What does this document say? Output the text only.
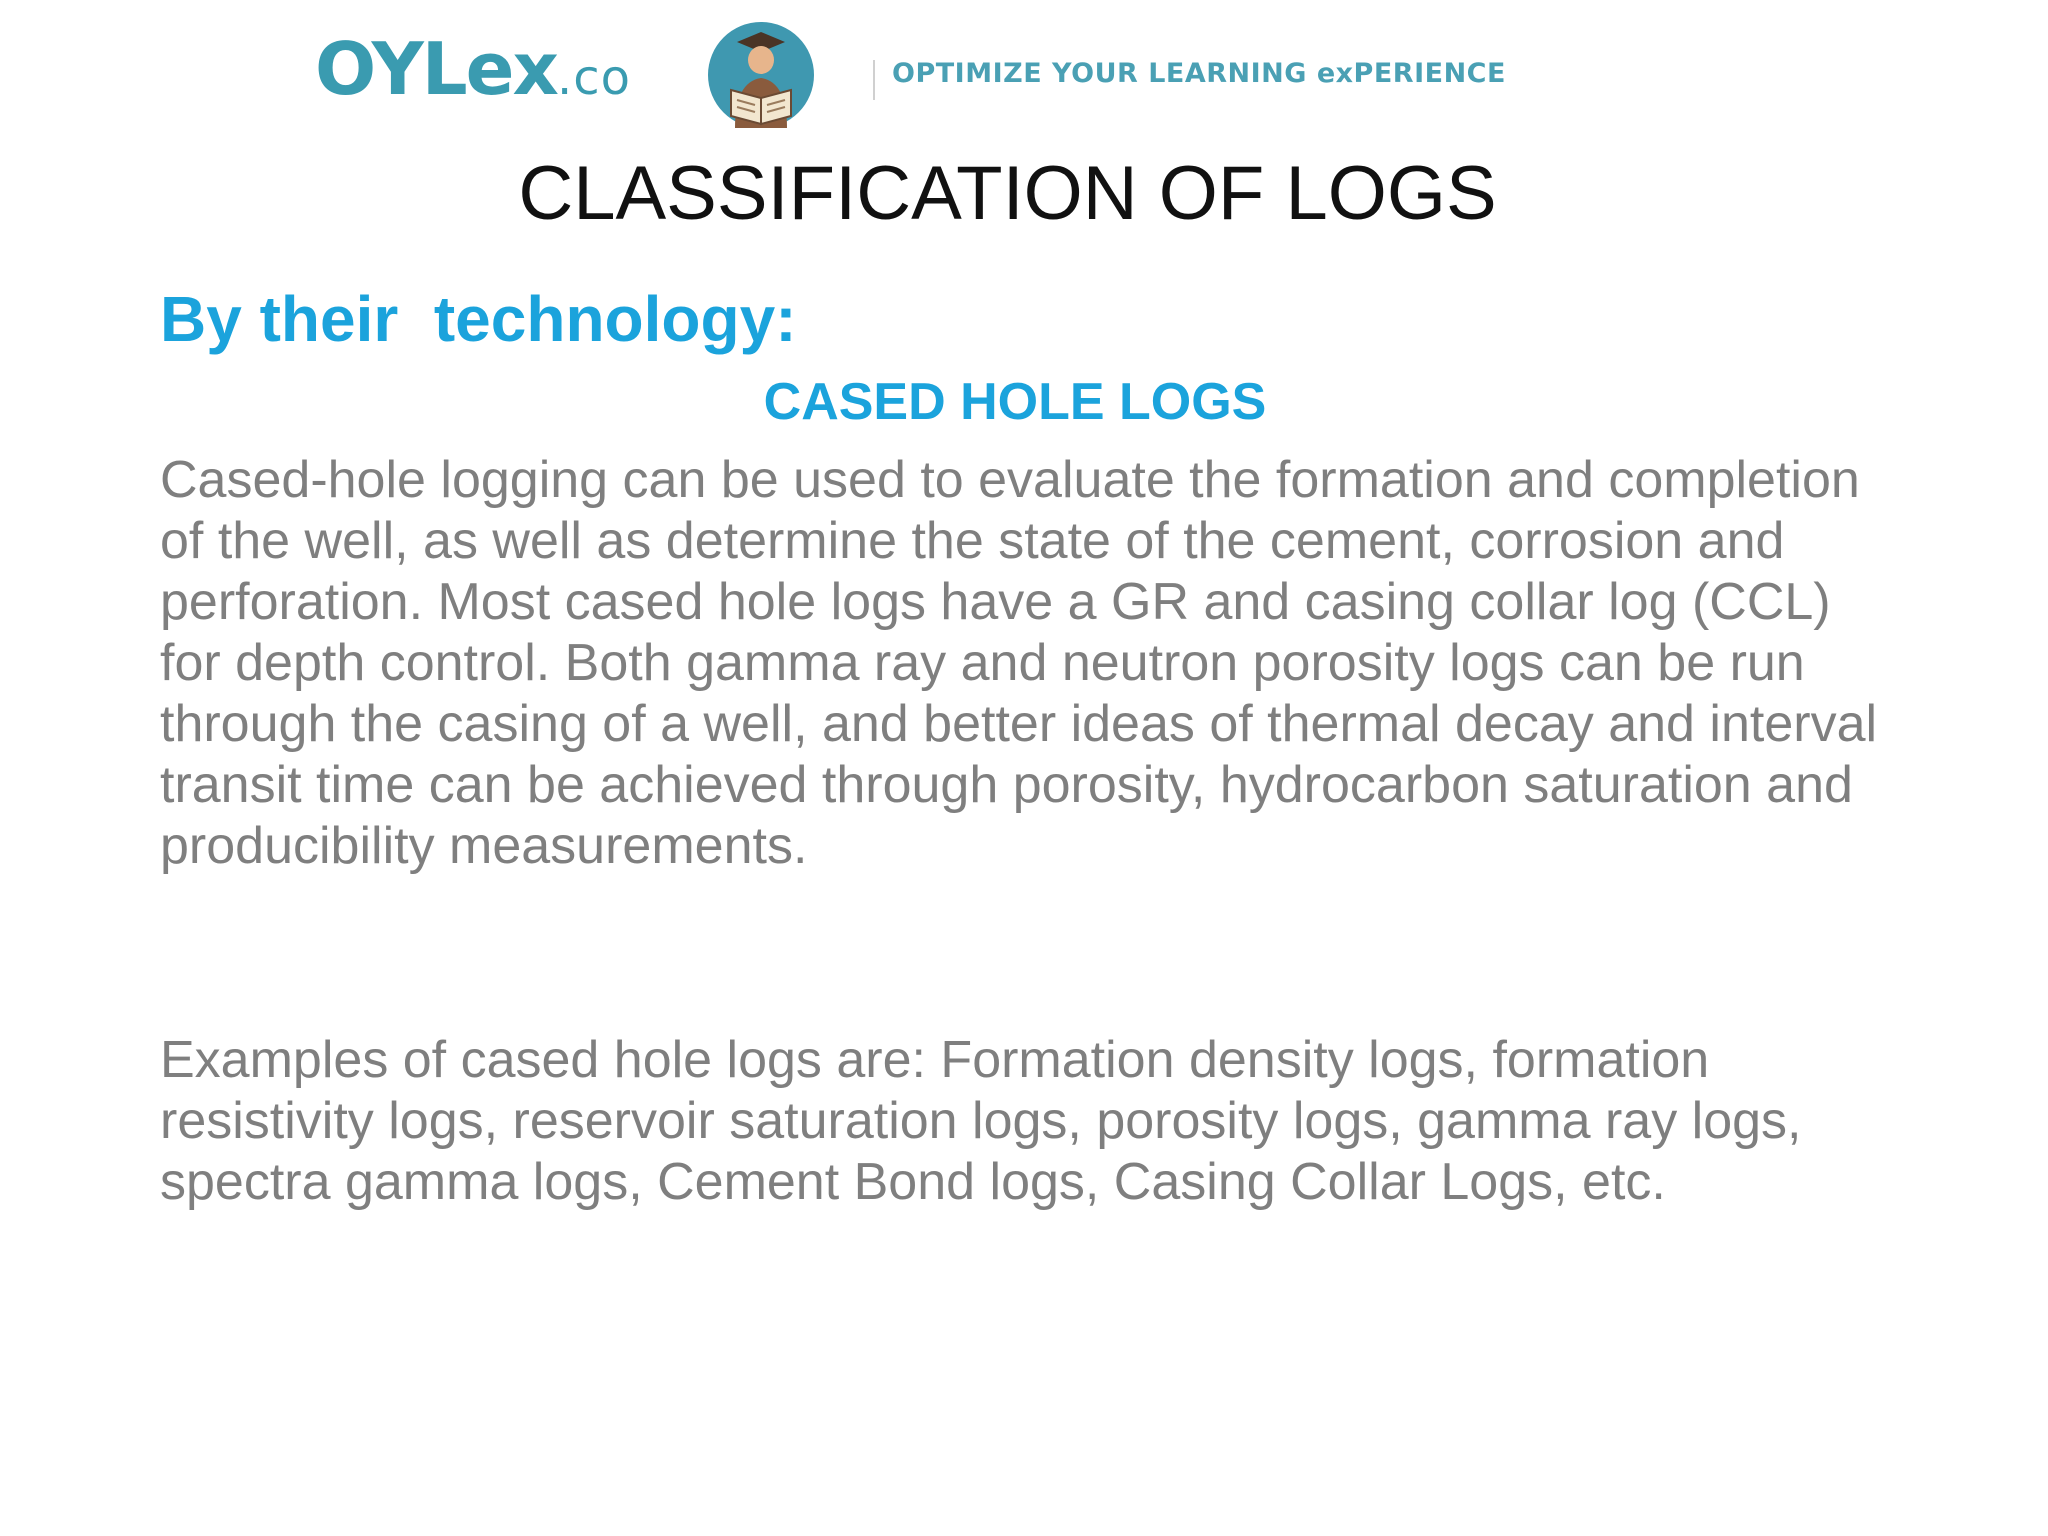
OYLex.co	OPTIMIZE YOUR LEARNING exPERIENCE
CLASSIFICATION OF LOGS
By their  technology:
CASED HOLE LOGS

Cased-hole logging can be used to evaluate the formation and completion of the well, as well as determine the state of the cement, corrosion and perforation. Most cased hole logs have a GR and casing collar log (CCL) for depth control. Both gamma ray and neutron porosity logs can be run through the casing of a well, and better ideas of thermal decay and interval transit time can be achieved through porosity, hydrocarbon saturation and producibility measurements.

Examples of cased hole logs are: Formation density logs, formation resistivity logs, reservoir saturation logs, porosity logs, gamma ray logs, spectra gamma logs, Cement Bond logs, Casing Collar Logs, etc.
